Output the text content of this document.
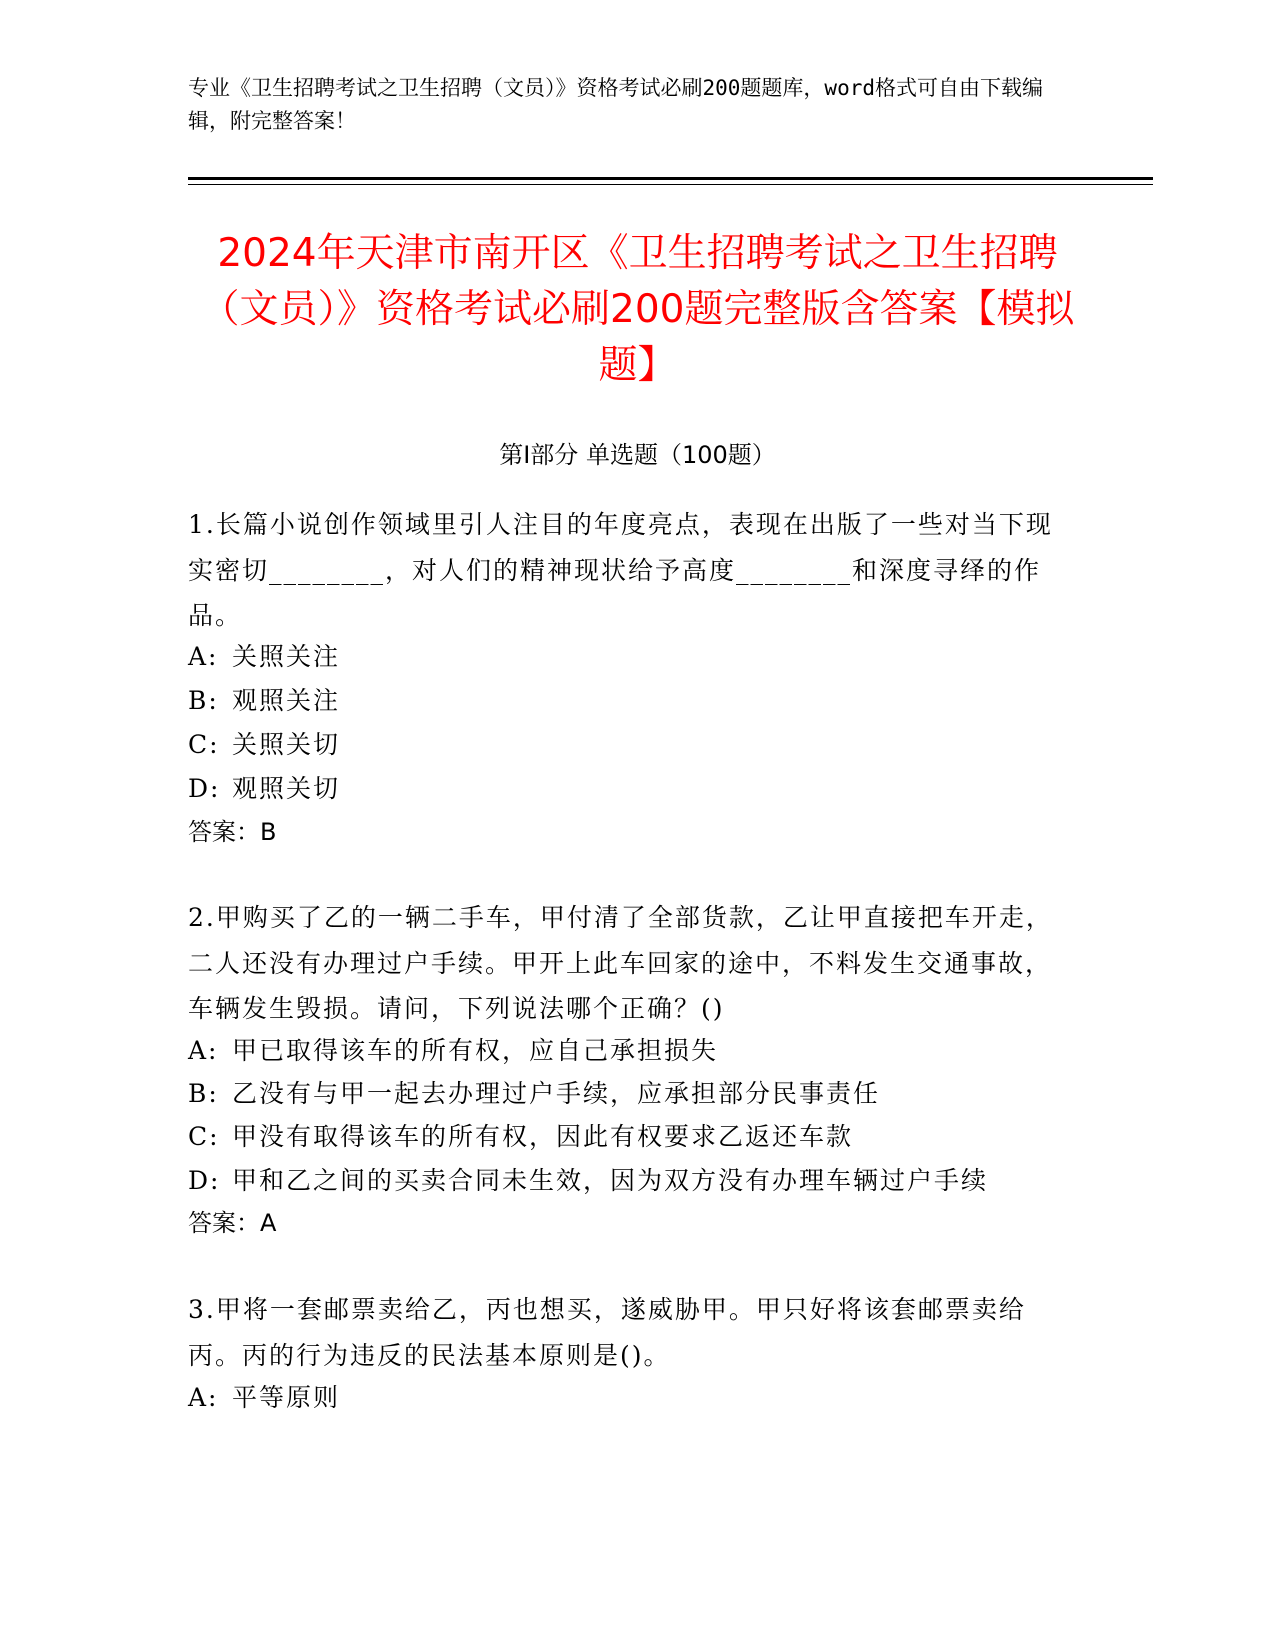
专业《卫生招聘考试之卫生招聘（文员）》资格考试必刷200题题库，word格式可自由下载编辑，附完整答案！
2024年天津市南开区《卫生招聘考试之卫生招聘（文员）》资格考试必刷200题完整版含答案【模拟题】
第Ⅰ部分 单选题（100题）
1.长篇小说创作领域里引人注目的年度亮点，表现在出版了一些对当下现实密切________，对人们的精神现状给予高度________和深度寻绎的作品。
A: 关照关注
B: 观照关注
C: 关照关切
D: 观照关切
答案：B
2.甲购买了乙的一辆二手车，甲付清了全部货款，乙让甲直接把车开走，二人还没有办理过户手续。甲开上此车回家的途中，不料发生交通事故，车辆发生毁损。请问，下列说法哪个正确？()
A: 甲已取得该车的所有权，应自己承担损失
B: 乙没有与甲一起去办理过户手续，应承担部分民事责任
C: 甲没有取得该车的所有权，因此有权要求乙返还车款
D: 甲和乙之间的买卖合同未生效，因为双方没有办理车辆过户手续
答案：A
3.甲将一套邮票卖给乙，丙也想买，遂威胁甲。甲只好将该套邮票卖给丙。丙的行为违反的民法基本原则是()。
A: 平等原则
